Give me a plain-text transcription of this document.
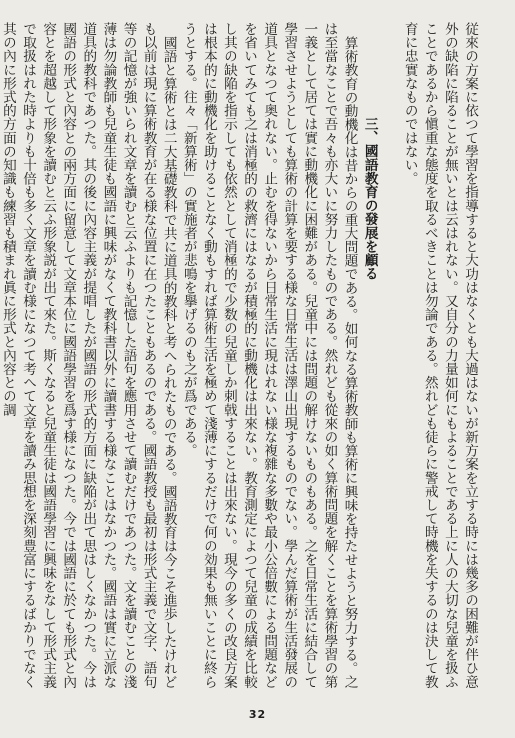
従來の方案に依つて學習を指導すると大功はなくとも大過はないが新方案を立する時には幾多の困難が伴ひ意外の缺陷に陷ることが無いとは云はれない。又自分の力量如何にもよることである上に人の大切な兒童を扱ふことであるから愼重な態度を取るべきことは勿論である。然れども徒らに警戒して時機を失するのは決して教育に忠實なものではない。

三、國語教育の發展を顧る

算術教育の動機化は昔からの重大問題である。如何なる算術教師も算術に興味を持たせようと努力する。之は至當なことで吾々も亦大いに努力したものである。然れども從來の如く算術問題を解くことを算術學習の第一義として居ては實に動機化に困難がある。兒童中には問題の解けないものもある。之を日常生活に結合して學習させようとしても算術の計算を要する様な日常生活は澤山出現するものでない。學んだ算術が生活發展の道具となつて奥れない。止むを得ないから日常生活に現はれない様な複雜な多數や最小公倍數による問題などを省いてみても之は消極的の救濟にはなるが積極的に動機化は出來ない。教育測定によつて兒童の成績を比較し其の缺陥を指示しても依然として消極的で少数の兒童しか刺戟することは出來ない。現今の多くの改良方案は根本的に動機化を助けることなく動もすれば算術生活を極めて淺薄にするだけで何の効果も無いことに終らうとする。往々「新算術」の實施者が悲鳴を擧げるのも之が爲である。

國語と算術とは二大基礎教科で共に道具的教科と考へられたものである。國語教育は今こそ進歩したけれども以前は現に算術教育が在る様な位置に在つたこともあるのである。國語教授も最初は形式主義で文字、語句等の記憶が強いられ文章を讀むと云ふよりも記憶した語句を應用させて讀むだけであつた。文を讀むことの淺薄は勿論教師も兒童生徒も國語に興味がなくて教科書以外に讀書する様なことはなかつた。國語は實に立派な道具的教科であつた。其の後に內容主義が提唱したが國語の形式的方面に缺陥が出て思はしくなかつた。今は國語の形式と內容との兩方面に留意して文章本位に國語學習を爲す様になつた。今では國語に於ても形式と內容とを超越して形象を讀むと云ふ形象説が出て來た。斯くなると兒童生徒は國語學習に興味をなして形式主義で取扱はれた時よりも十倍も多く文章を讀む様になつて考へて文章を讀み思想を深刻豊富にするばかりでなく其の內に形式的方面の知識も練習も積まれ眞に形式と內容との調

32
